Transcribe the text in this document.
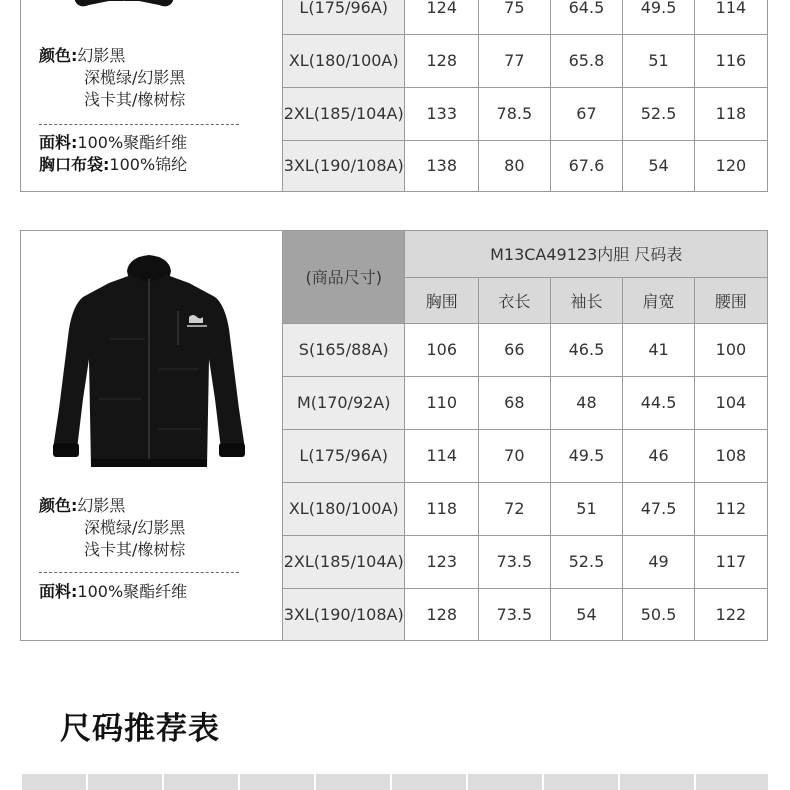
颜色:幻影黑
深榄绿/幻影黑
浅卡其/橡树棕
面料:100%聚酯纤维
胸口布袋:100%锦纶
L(175/96A)	124	75	64.5	49.5	114
XL(180/100A)	128	77	65.8	51	116
2XL(185/104A)	133	78.5	67	52.5	118
3XL(190/108A)	138	80	67.6	54	120
颜色:幻影黑
深榄绿/幻影黑
浅卡其/橡树棕
面料:100%聚酯纤维
(商品尺寸)	M13CA49123内胆 尺码表				
	胸围	衣长	袖长	肩宽	腰围
S(165/88A)	106	66	46.5	41	100
M(170/92A)	110	68	48	44.5	104
L(175/96A)	114	70	49.5	46	108
XL(180/100A)	118	72	51	47.5	112
2XL(185/104A)	123	73.5	52.5	49	117
3XL(190/108A)	128	73.5	54	50.5	122
尺码推荐表
